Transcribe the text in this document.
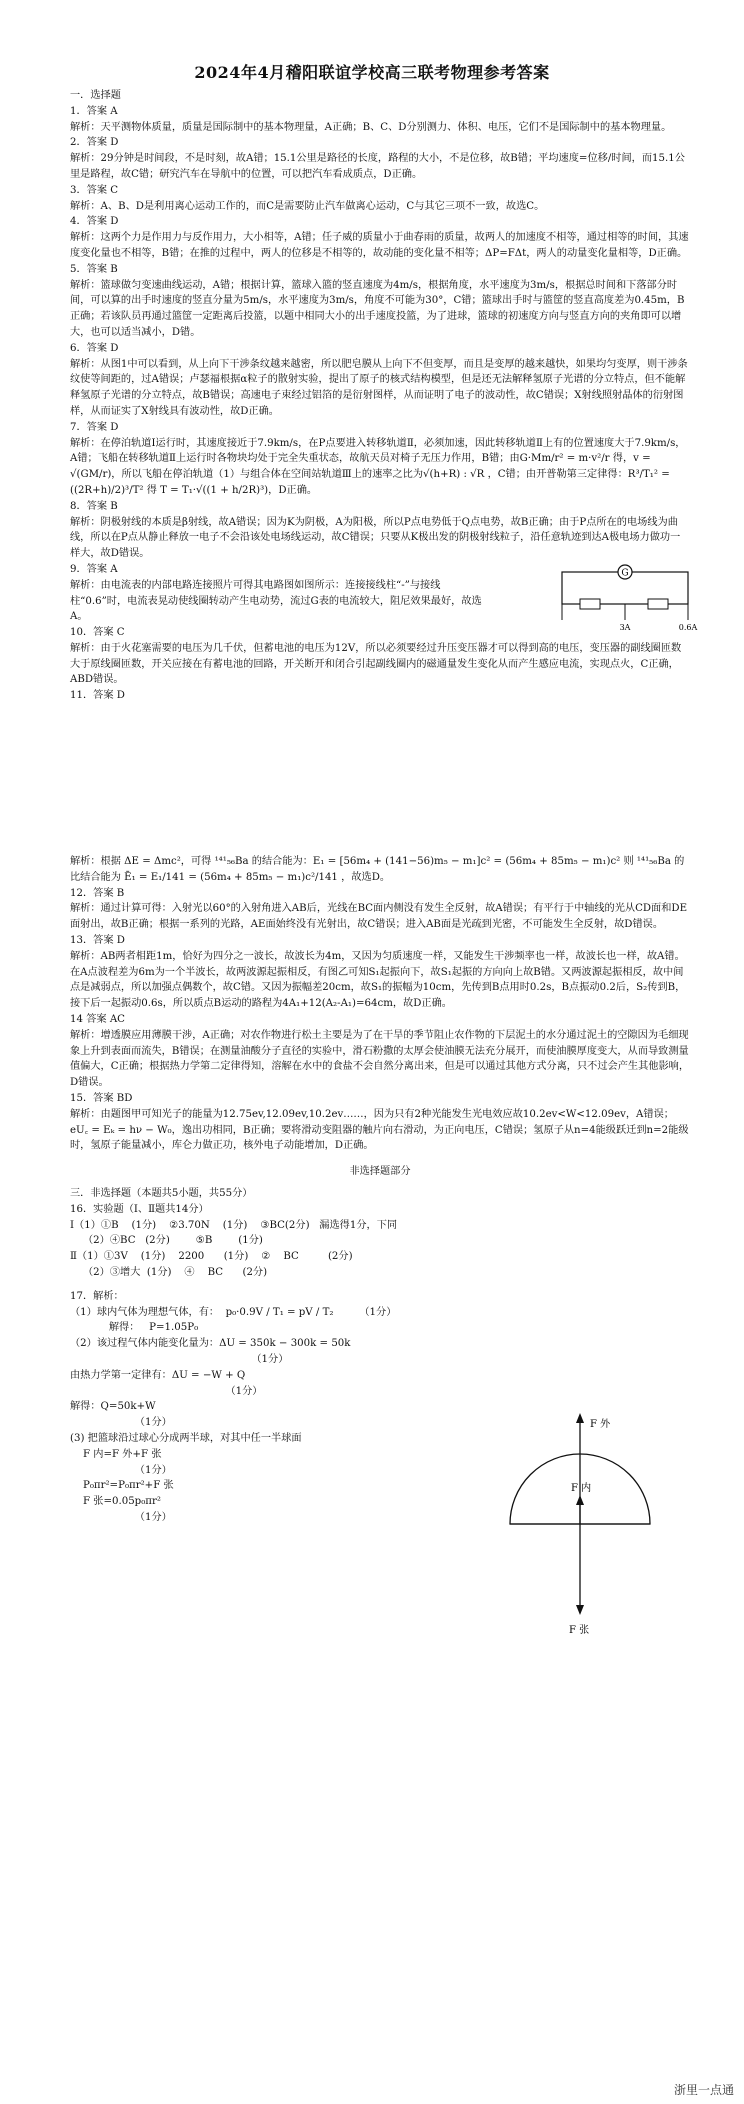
2024年4月稽阳联谊学校高三联考物理参考答案

一．选择题

1．答案 A

解析：天平测物体质量，质量是国际制中的基本物理量，A正确；B、C、D分别测力、体积、电压，它们不是国际制中的基本物理量。

2．答案 D

解析：29分钟是时间段，不是时刻，故A错；15.1公里是路径的长度，路程的大小，不是位移，故B错；平均速度=位移/时间，而15.1公里是路程，故C错；研究汽车在导航中的位置，可以把汽车看成质点，D正确。

3．答案 C

解析：A、B、D是利用离心运动工作的，而C是需要防止汽车做离心运动，C与其它三项不一致，故选C。

4．答案 D

解析：这两个力是作用力与反作用力，大小相等，A错；任子威的质量小于曲春雨的质量，故两人的加速度不相等，通过相等的时间，其速度变化量也不相等，B错；在推的过程中，两人的位移是不相等的，故动能的变化量不相等；ΔP=FΔt，两人的动量变化量相等，D正确。

5．答案 B

解析：篮球做匀变速曲线运动，A错；根据计算，篮球入篮的竖直速度为4m/s，根据角度，水平速度为3m/s，根据总时间和下落部分时间，可以算的出手时速度的竖直分量为5m/s，水平速度为3m/s，角度不可能为30°，C错；篮球出手时与篮筐的竖直高度差为0.45m，B正确；若该队员再通过篮筐一定距离后投篮，以题中相同大小的出手速度投篮，为了进球，篮球的初速度方向与竖直方向的夹角即可以增大，也可以适当减小，D错。

6．答案 D

解析：从图1中可以看到，从上向下干涉条纹越来越密，所以肥皂膜从上向下不但变厚，而且是变厚的越来越快，如果均匀变厚，则干涉条纹使等间距的，过A错误；卢瑟福根据α粒子的散射实验，提出了原子的核式结构模型，但是还无法解释氢原子光谱的分立特点，但不能解释氢原子光谱的分立特点，故B错误；高速电子束经过铝箔的是衍射图样，从而证明了电子的波动性，故C错误；X射线照射晶体的衍射图样，从而证实了X射线具有波动性，故D正确。

7．答案 D

解析：在停泊轨道Ⅰ运行时，其速度接近于7.9km/s，在P点要进入转移轨道Ⅱ，必须加速，因此转移轨道Ⅱ上有的位置速度大于7.9km/s，A错；飞船在转移轨道Ⅱ上运行时各物块均处于完全失重状态，故航天员对椅子无压力作用，B错；由G·Mm/r² = m·v²/r 得，v = √(GM/r)，所以飞船在停泊轨道（1）与组合体在空间站轨道Ⅲ上的速率之比为√(h+R) : √R ，C错；由开普勒第三定律得：R³/T₁² = ((2R+h)/2)³/T² 得 T = T₁·√((1 + h/2R)³)，D正确。

8．答案 B

解析：阴极射线的本质是β射线，故A错误；因为K为阴极，A为阳极，所以P点电势低于Q点电势，故B正确；由于P点所在的电场线为曲线，所以在P点从静止释放一电子不会沿该处电场线运动，故C错误；只要从K极出发的阴极射线粒子，沿任意轨迹到达A极电场力做功一样大，故D错误。

9．答案 A

解析：由电流表的内部电路连接照片可得其电路图如图所示：连接接线柱“-”与接线柱“0.6”时，电流表晃动使线圈转动产生电动势，流过G表的电流较大，阻尼效果最好，故选A。

G
3A	0.6A

10．答案 C

解析：由于火花塞需要的电压为几千伏，但蓄电池的电压为12V，所以必须要经过升压变压器才可以得到高的电压，变压器的副线圈匝数大于原线圈匝数，开关应接在有蓄电池的回路，开关断开和闭合引起副线圈内的磁通量发生变化从而产生感应电流，实现点火，C正确，ABD错误。

11．答案 D

解析：根据 ΔE = Δmc²，可得 ¹⁴¹₅₆Ba 的结合能为：E₁ = [56m₄ + (141−56)m₅ − m₁]c² = (56m₄ + 85m₅ − m₁)c² 则 ¹⁴¹₅₆Ba 的比结合能为 Ē₁ = E₁/141 = (56m₄ + 85m₅ − m₁)c²/141 ，故选D。

12．答案 B

解析：通过计算可得：入射光以60°的入射角进入AB后，光线在BC面内侧没有发生全反射，故A错误；有平行于中轴线的光从CD面和DE面射出，故B正确；根据一系列的光路，AE面始终没有光射出，故C错误；进入AB面是光疏到光密，不可能发生全反射，故D错误。

13．答案 D

解析：AB两者相距1m，恰好为四分之一波长，故波长为4m，又因为匀质速度一样，又能发生干涉频率也一样，故波长也一样，故A错。在A点波程差为6m为一个半波长，故两波源起振相反，有图乙可知S₁起振向下，故S₁起振的方向向上故B错。又两波源起振相反，故中间点是减弱点，所以加强点偶数个，故C错。又因为振幅差20cm，故S₁的振幅为10cm，先传到B点用时0.2s，B点振动0.2后，S₂传到B，接下后一起振动0.6s，所以质点B运动的路程为4A₁+12(A₂-A₁)=64cm，故D正确。

14 答案 AC

解析：增透膜应用薄膜干涉，A正确；对农作物进行松土主要是为了在干旱的季节阻止农作物的下层泥土的水分通过泥土的空隙因为毛细现象上升到表面而流失，B错误；在测量油酸分子直径的实验中，滑石粉撒的太厚会使油膜无法充分展开，而使油膜厚度变大，从而导致测量值偏大，C正确；根据热力学第二定律得知，溶解在水中的食盐不会自然分离出来，但是可以通过其他方式分离，只不过会产生其他影响，D错误。

15．答案 BD

解析：由题图甲可知光子的能量为12.75ev,12.09ev,10.2ev……，因为只有2种光能发生光电效应故10.2ev<W<12.09ev，A错误；eU꜀ = Eₖ = hν − W₀，逸出功相同，B正确；要将滑动变阻器的触片向右滑动，为正向电压，C错误；氢原子从n=4能级跃迁到n=2能级时，氢原子能量减小，库仑力做正功，核外电子动能增加，D正确。

非选择题部分

三．非选择题（本题共5小题，共55分）

16．实验题（Ⅰ、Ⅱ题共14分）

Ⅰ（1）①B    (1分)    ②3.70N    (1分)    ③BC(2分)   漏选得1分，下同

（2）④BC   (2分)        ⑤B        (1分)

Ⅱ（1）①3V    (1分)    2200      (1分)    ②    BC         (2分)

（2）③增大  (1分)    ④    BC      (2分)

17．解析：

（1）球内气体为理想气体，有：  p₀·0.9V / T₁ = pV / T₂        （1分）

解得：   P=1.05P₀

（2）该过程气体内能变化量为：ΔU = 350k − 300k = 50k

（1分）

由热力学第一定律有：ΔU = −W + Q

（1分）

解得：Q=50k+W

（1分）

(3) 把篮球沿过球心分成两半球，对其中任一半球面

F 内=F 外+F 张

（1分）

P₀πr²=P₀πr²+F 张

F 张=0.05p₀πr²

（1分）

F 外
F 内
F 张
浙里一点通
